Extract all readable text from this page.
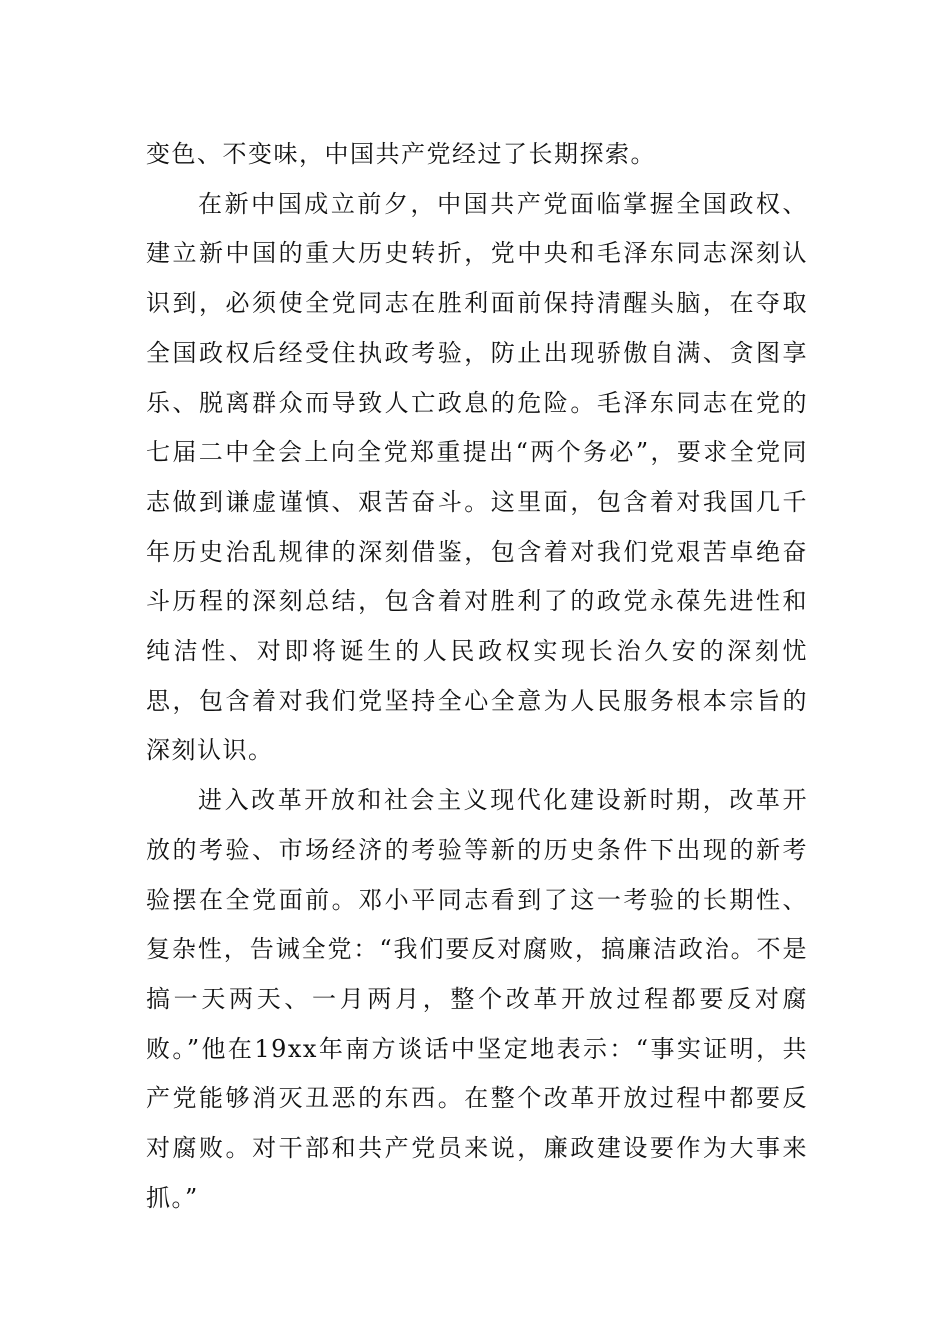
变色、不变味，中国共产党经过了长期探索。

在新中国成立前夕，中国共产党面临掌握全国政权、建立新中国的重大历史转折，党中央和毛泽东同志深刻认识到，必须使全党同志在胜利面前保持清醒头脑，在夺取全国政权后经受住执政考验，防止出现骄傲自满、贪图享乐、脱离群众而导致人亡政息的危险。毛泽东同志在党的七届二中全会上向全党郑重提出“两个务必”，要求全党同志做到谦虚谨慎、艰苦奋斗。这里面，包含着对我国几千年历史治乱规律的深刻借鉴，包含着对我们党艰苦卓绝奋斗历程的深刻总结，包含着对胜利了的政党永葆先进性和纯洁性、对即将诞生的人民政权实现长治久安的深刻忧思，包含着对我们党坚持全心全意为人民服务根本宗旨的深刻认识。

进入改革开放和社会主义现代化建设新时期，改革开放的考验、市场经济的考验等新的历史条件下出现的新考验摆在全党面前。邓小平同志看到了这一考验的长期性、复杂性，告诫全党：“我们要反对腐败，搞廉洁政治。不是搞一天两天、一月两月，整个改革开放过程都要反对腐败。”他在19xx年南方谈话中坚定地表示：“事实证明，共产党能够消灭丑恶的东西。在整个改革开放过程中都要反对腐败。对干部和共产党员来说，廉政建设要作为大事来抓。”
